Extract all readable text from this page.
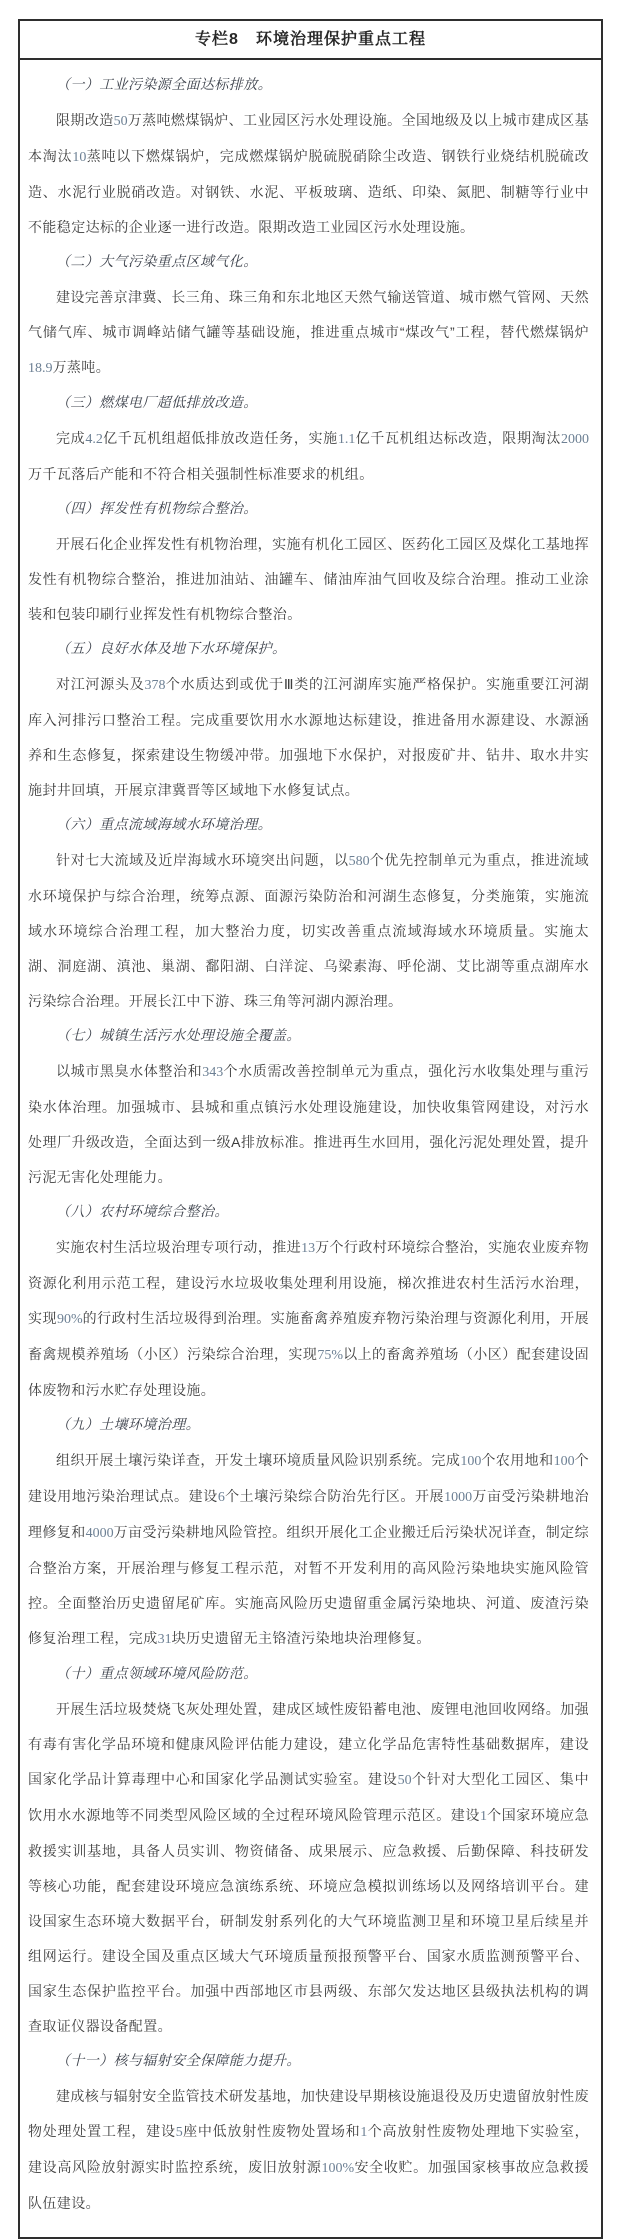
专栏8　环境治理保护重点工程

（一）工业污染源全面达标排放。

限期改造50万蒸吨燃煤锅炉、工业园区污水处理设施。全国地级及以上城市建成区基本淘汰10蒸吨以下燃煤锅炉，完成燃煤锅炉脱硫脱硝除尘改造、钢铁行业烧结机脱硫改造、水泥行业脱硝改造。对钢铁、水泥、平板玻璃、造纸、印染、氮肥、制糖等行业中不能稳定达标的企业逐一进行改造。限期改造工业园区污水处理设施。

（二）大气污染重点区域气化。

建设完善京津冀、长三角、珠三角和东北地区天然气输送管道、城市燃气管网、天然气储气库、城市调峰站储气罐等基础设施，推进重点城市“煤改气”工程，替代燃煤锅炉18.9万蒸吨。

（三）燃煤电厂超低排放改造。

完成4.2亿千瓦机组超低排放改造任务，实施1.1亿千瓦机组达标改造，限期淘汰2000万千瓦落后产能和不符合相关强制性标准要求的机组。

（四）挥发性有机物综合整治。

开展石化企业挥发性有机物治理，实施有机化工园区、医药化工园区及煤化工基地挥发性有机物综合整治，推进加油站、油罐车、储油库油气回收及综合治理。推动工业涂装和包装印刷行业挥发性有机物综合整治。

（五）良好水体及地下水环境保护。

对江河源头及378个水质达到或优于Ⅲ类的江河湖库实施严格保护。实施重要江河湖库入河排污口整治工程。完成重要饮用水水源地达标建设，推进备用水源建设、水源涵养和生态修复，探索建设生物缓冲带。加强地下水保护，对报废矿井、钻井、取水井实施封井回填，开展京津冀晋等区域地下水修复试点。

（六）重点流域海域水环境治理。

针对七大流域及近岸海域水环境突出问题，以580个优先控制单元为重点，推进流域水环境保护与综合治理，统筹点源、面源污染防治和河湖生态修复，分类施策，实施流域水环境综合治理工程，加大整治力度，切实改善重点流域海域水环境质量。实施太湖、洞庭湖、滇池、巢湖、鄱阳湖、白洋淀、乌梁素海、呼伦湖、艾比湖等重点湖库水污染综合治理。开展长江中下游、珠三角等河湖内源治理。

（七）城镇生活污水处理设施全覆盖。

以城市黑臭水体整治和343个水质需改善控制单元为重点，强化污水收集处理与重污染水体治理。加强城市、县城和重点镇污水处理设施建设，加快收集管网建设，对污水处理厂升级改造，全面达到一级A排放标准。推进再生水回用，强化污泥处理处置，提升污泥无害化处理能力。

（八）农村环境综合整治。

实施农村生活垃圾治理专项行动，推进13万个行政村环境综合整治，实施农业废弃物资源化利用示范工程，建设污水垃圾收集处理利用设施，梯次推进农村生活污水治理，实现90%的行政村生活垃圾得到治理。实施畜禽养殖废弃物污染治理与资源化利用，开展畜禽规模养殖场（小区）污染综合治理，实现75%以上的畜禽养殖场（小区）配套建设固体废物和污水贮存处理设施。

（九）土壤环境治理。

组织开展土壤污染详查，开发土壤环境质量风险识别系统。完成100个农用地和100个建设用地污染治理试点。建设6个土壤污染综合防治先行区。开展1000万亩受污染耕地治理修复和4000万亩受污染耕地风险管控。组织开展化工企业搬迁后污染状况详查，制定综合整治方案，开展治理与修复工程示范，对暂不开发利用的高风险污染地块实施风险管控。全面整治历史遗留尾矿库。实施高风险历史遗留重金属污染地块、河道、废渣污染修复治理工程，完成31块历史遗留无主铬渣污染地块治理修复。

（十）重点领域环境风险防范。

开展生活垃圾焚烧飞灰处理处置，建成区域性废铅蓄电池、废锂电池回收网络。加强有毒有害化学品环境和健康风险评估能力建设，建立化学品危害特性基础数据库，建设国家化学品计算毒理中心和国家化学品测试实验室。建设50个针对大型化工园区、集中饮用水水源地等不同类型风险区域的全过程环境风险管理示范区。建设1个国家环境应急救援实训基地，具备人员实训、物资储备、成果展示、应急救援、后勤保障、科技研发等核心功能，配套建设环境应急演练系统、环境应急模拟训练场以及网络培训平台。建设国家生态环境大数据平台，研制发射系列化的大气环境监测卫星和环境卫星后续星并组网运行。建设全国及重点区域大气环境质量预报预警平台、国家水质监测预警平台、国家生态保护监控平台。加强中西部地区市县两级、东部欠发达地区县级执法机构的调查取证仪器设备配置。

（十一）核与辐射安全保障能力提升。

建成核与辐射安全监管技术研发基地，加快建设早期核设施退役及历史遗留放射性废物处理处置工程，建设5座中低放射性废物处置场和1个高放射性废物处理地下实验室，建设高风险放射源实时监控系统，废旧放射源100%安全收贮。加强国家核事故应急救援队伍建设。
